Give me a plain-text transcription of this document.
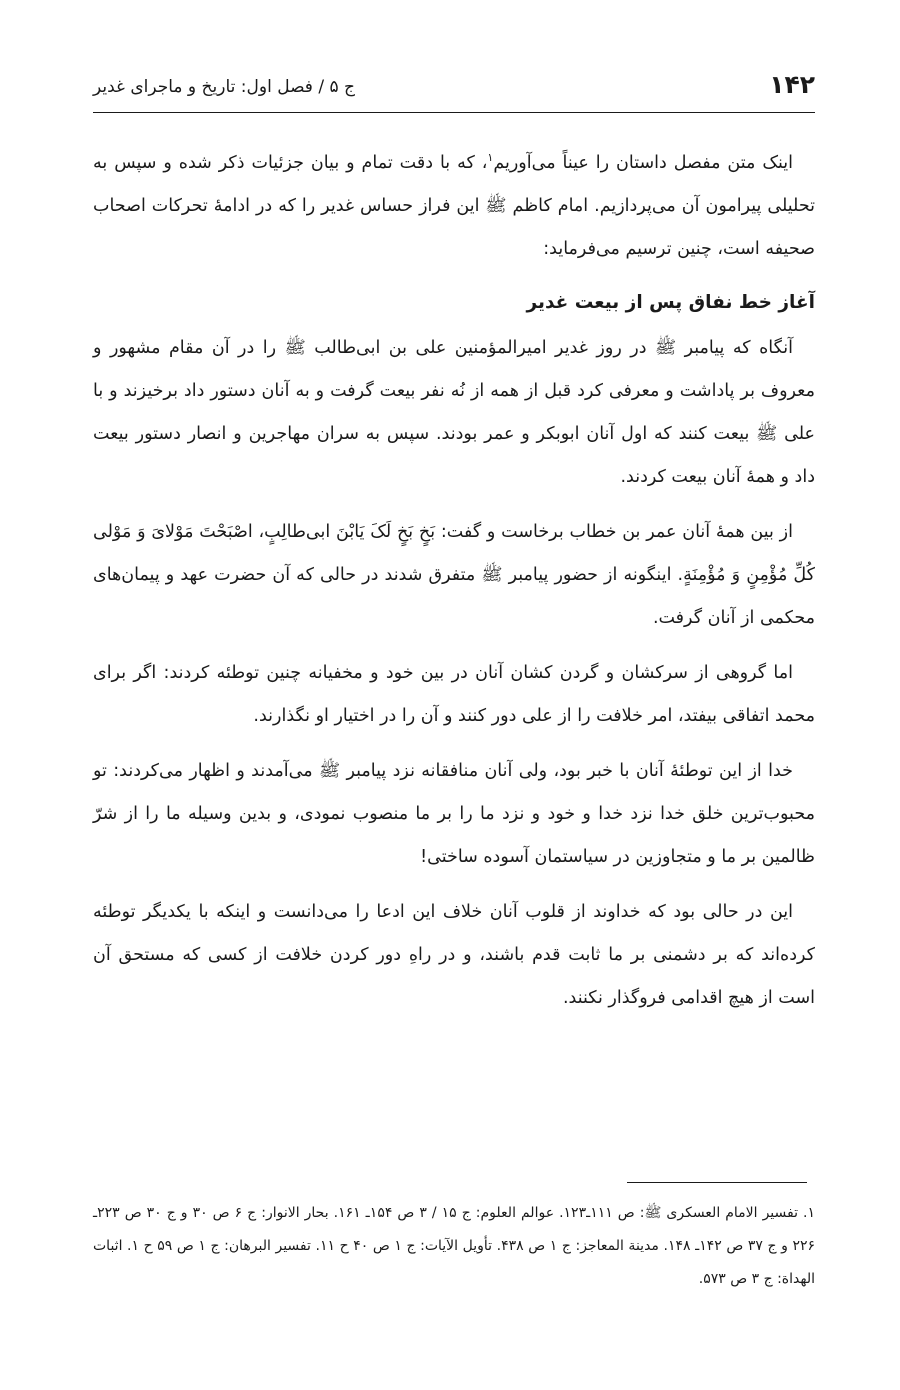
۱۴۲
ج ۵ / فصل اول: تاریخ و ماجرای غدیر

اینک متن مفصل داستان را عیناً می‌آوریم$^۱$، که با دقت تمام و بیان جزئیات ذکر شده و سپس به تحلیلی پیرامون آن می‌پردازیم. امام کاظم ﷺ این فراز حساس غدیر را که در ادامهٔ تحرکات اصحاب صحیفه است، چنین ترسیم می‌فرماید:

آغاز خط نفاق پس از بیعت غدیر

آنگاه که پیامبر ﷺ در روز غدیر امیرالمؤمنین علی بن ابی‌طالب ﷺ را در آن مقام مشهور و معروف بر پاداشت و معرفی کرد قبل از همه از نُه نفر بیعت گرفت و به آنان دستور داد برخیزند و با علی ﷺ بیعت کنند که اول آنان ابوبکر و عمر بودند. سپس به سران مهاجرین و انصار دستور بیعت داد و همهٔ آنان بیعت کردند.

از بین همهٔ آنان عمر بن خطاب برخاست و گفت: بَخٍ بَخٍ لَکَ یَابْنَ ابی‌طالِبٍ، اصْبَحْتَ مَوْلایَ وَ مَوْلی کُلِّ مُؤْمِنٍ وَ مُؤْمِنَةٍ. اینگونه از حضور پیامبر ﷺ متفرق شدند در حالی که آن حضرت عهد و پیمان‌های محکمی از آنان گرفت.

اما گروهی از سرکشان و گردن کشان آنان در بین خود و مخفیانه چنین توطئه کردند: اگر برای محمد اتفاقی بیفتد، امر خلافت را از علی دور کنند و آن را در اختیار او نگذارند.

خدا از این توطئهٔ آنان با خبر بود، ولی آنان منافقانه نزد پیامبر ﷺ می‌آمدند و اظهار می‌کردند: تو محبوب‌ترین خلق خدا نزد خدا و خود و نزد ما را بر ما منصوب نمودی، و بدین وسیله ما را از شرّ ظالمین بر ما و متجاوزین در سیاستمان آسوده ساختی!

این در حالی بود که خداوند از قلوب آنان خلاف این ادعا را می‌دانست و اینکه با یکدیگر توطئه کرده‌اند که بر دشمنی بر ما ثابت قدم باشند، و در راهِ دور کردن خلافت از کسی که مستحق آن است از هیچ اقدامی فروگذار نکنند.

۱. تفسیر الامام العسکری ﷺ: ص ۱۱۱ـ۱۲۳. عوالم العلوم: ج ۱۵ / ۳ ص ۱۵۴ـ ۱۶۱. بحار الانوار: ج ۶ ص ۳۰ و ج ۳۰ ص ۲۲۳ـ ۲۲۶ و ج ۳۷ ص ۱۴۲ـ ۱۴۸. مدینة المعاجز: ج ۱ ص ۴۳۸. تأویل الآیات: ج ۱ ص ۴۰ ح ۱۱. تفسیر البرهان: ج ۱ ص ۵۹ ح ۱. اثبات الهداة: ج ۳ ص ۵۷۳.
